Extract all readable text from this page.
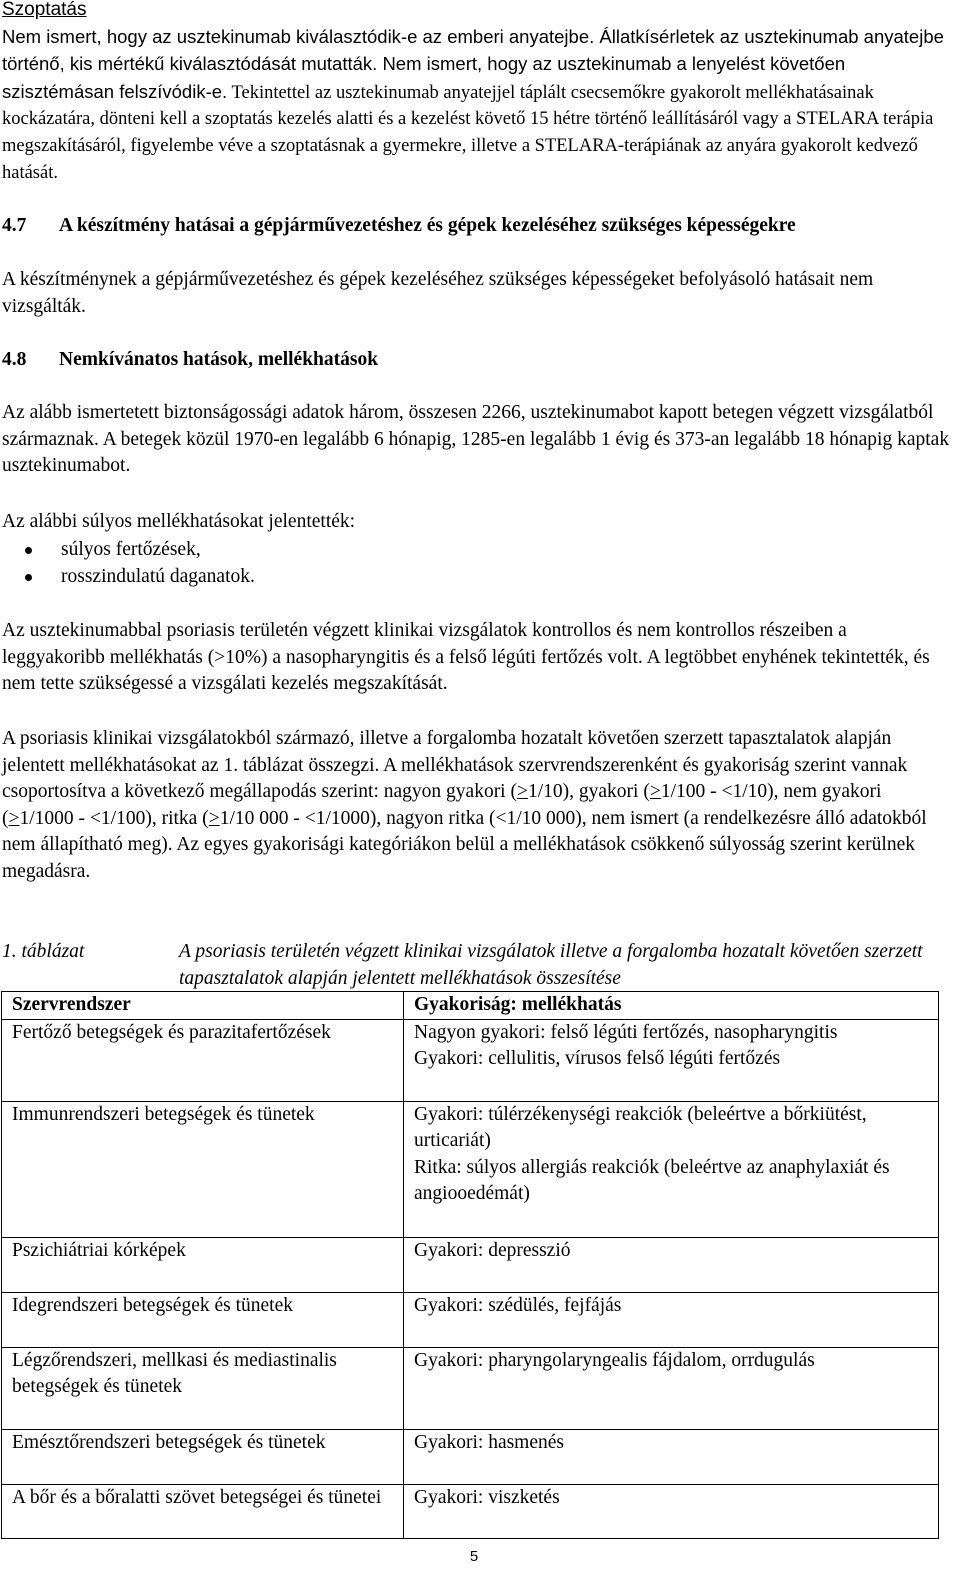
Szoptatás
Nem ismert, hogy az usztekinumab kiválasztódik-e az emberi anyatejbe. Állatkísérletek az usztekinumab anyatejbe történő, kis mértékű kiválasztódását mutatták. Nem ismert, hogy az usztekinumab a lenyelést követően szisztémásan felszívódik-e. Tekintettel az usztekinumab anyatejjel táplált csecsemőkre gyakorolt mellékhatásainak kockázatára, dönteni kell a szoptatás kezelés alatti és a kezelést követő 15 hétre történő leállításáról vagy a STELARA terápia megszakításáról, figyelembe véve a szoptatásnak a gyermekre, illetve a STELARA-terápiának az anyára gyakorolt kedvező hatását.
4.7 A készítmény hatásai a gépjárművezetéshez és gépek kezeléséhez szükséges képességekre
A készítménynek a gépjárművezetéshez és gépek kezeléséhez szükséges képességeket befolyásoló hatásait nem vizsgálták.
4.8 Nemkívánatos hatások, mellékhatások
Az alább ismertetett biztonságossági adatok három, összesen 2266, usztekinumabot kapott betegen végzett vizsgálatból származnak. A betegek közül 1970-en legalább 6 hónapig, 1285-en legalább 1 évig és 373-an legalább 18 hónapig kaptak usztekinumabot.
Az alábbi súlyos mellékhatásokat jelentették:
súlyos fertőzések,
rosszindulatú daganatok.
Az usztekinumabbal psoriasis területén végzett klinikai vizsgálatok kontrollos és nem kontrollos részeiben a leggyakoribb mellékhatás (>10%) a nasopharyngitis és a felső légúti fertőzés volt. A legtöbbet enyhének tekintették, és nem tette szükségessé a vizsgálati kezelés megszakítását.
A psoriasis klinikai vizsgálatokból származó, illetve a forgalomba hozatalt követően szerzett tapasztalatok alapján jelentett mellékhatásokat az 1. táblázat összegzi. A mellékhatások szervrendszerenként és gyakoriság szerint vannak csoportosítva a következő megállapodás szerint: nagyon gyakori (≥1/10), gyakori (≥1/100 - <1/10), nem gyakori (≥1/1000 - <1/100), ritka (≥1/10 000 - <1/1000), nagyon ritka (<1/10 000), nem ismert (a rendelkezésre álló adatokból nem állapítható meg). Az egyes gyakorisági kategóriákon belül a mellékhatások csökkenő súlyosság szerint kerülnek megadásra.
1. táblázat	A psoriasis területén végzett klinikai vizsgálatok illetve a forgalomba hozatalt követően szerzett tapasztalatok alapján jelentett mellékhatások összesítése
Szervrendszer	Gyakoriság: mellékhatás
Fertőző betegségek és parazitafertőzések	Nagyon gyakori: felső légúti fertőzés, nasopharyngitis
Gyakori: cellulitis, vírusos felső légúti fertőzés

Immunrendszeri betegségek és tünetek	Gyakori: túlérzékenységi reakciók (beleértve a bőrkiütést, urticariát)
Ritka: súlyos allergiás reakciók (beleértve az anaphylaxiát és angiooedémát)

Pszichiátriai kórképek	Gyakori: depresszió

Idegrendszeri betegségek és tünetek	Gyakori: szédülés, fejfájás

Légzőrendszeri, mellkasi és mediastinalis betegségek és tünetek	Gyakori: pharyngolaryngealis fájdalom, orrdugulás

Emésztőrendszeri betegségek és tünetek	Gyakori: hasmenés

A bőr és a bőralatti szövet betegségei és tünetei	Gyakori: viszketés
5
